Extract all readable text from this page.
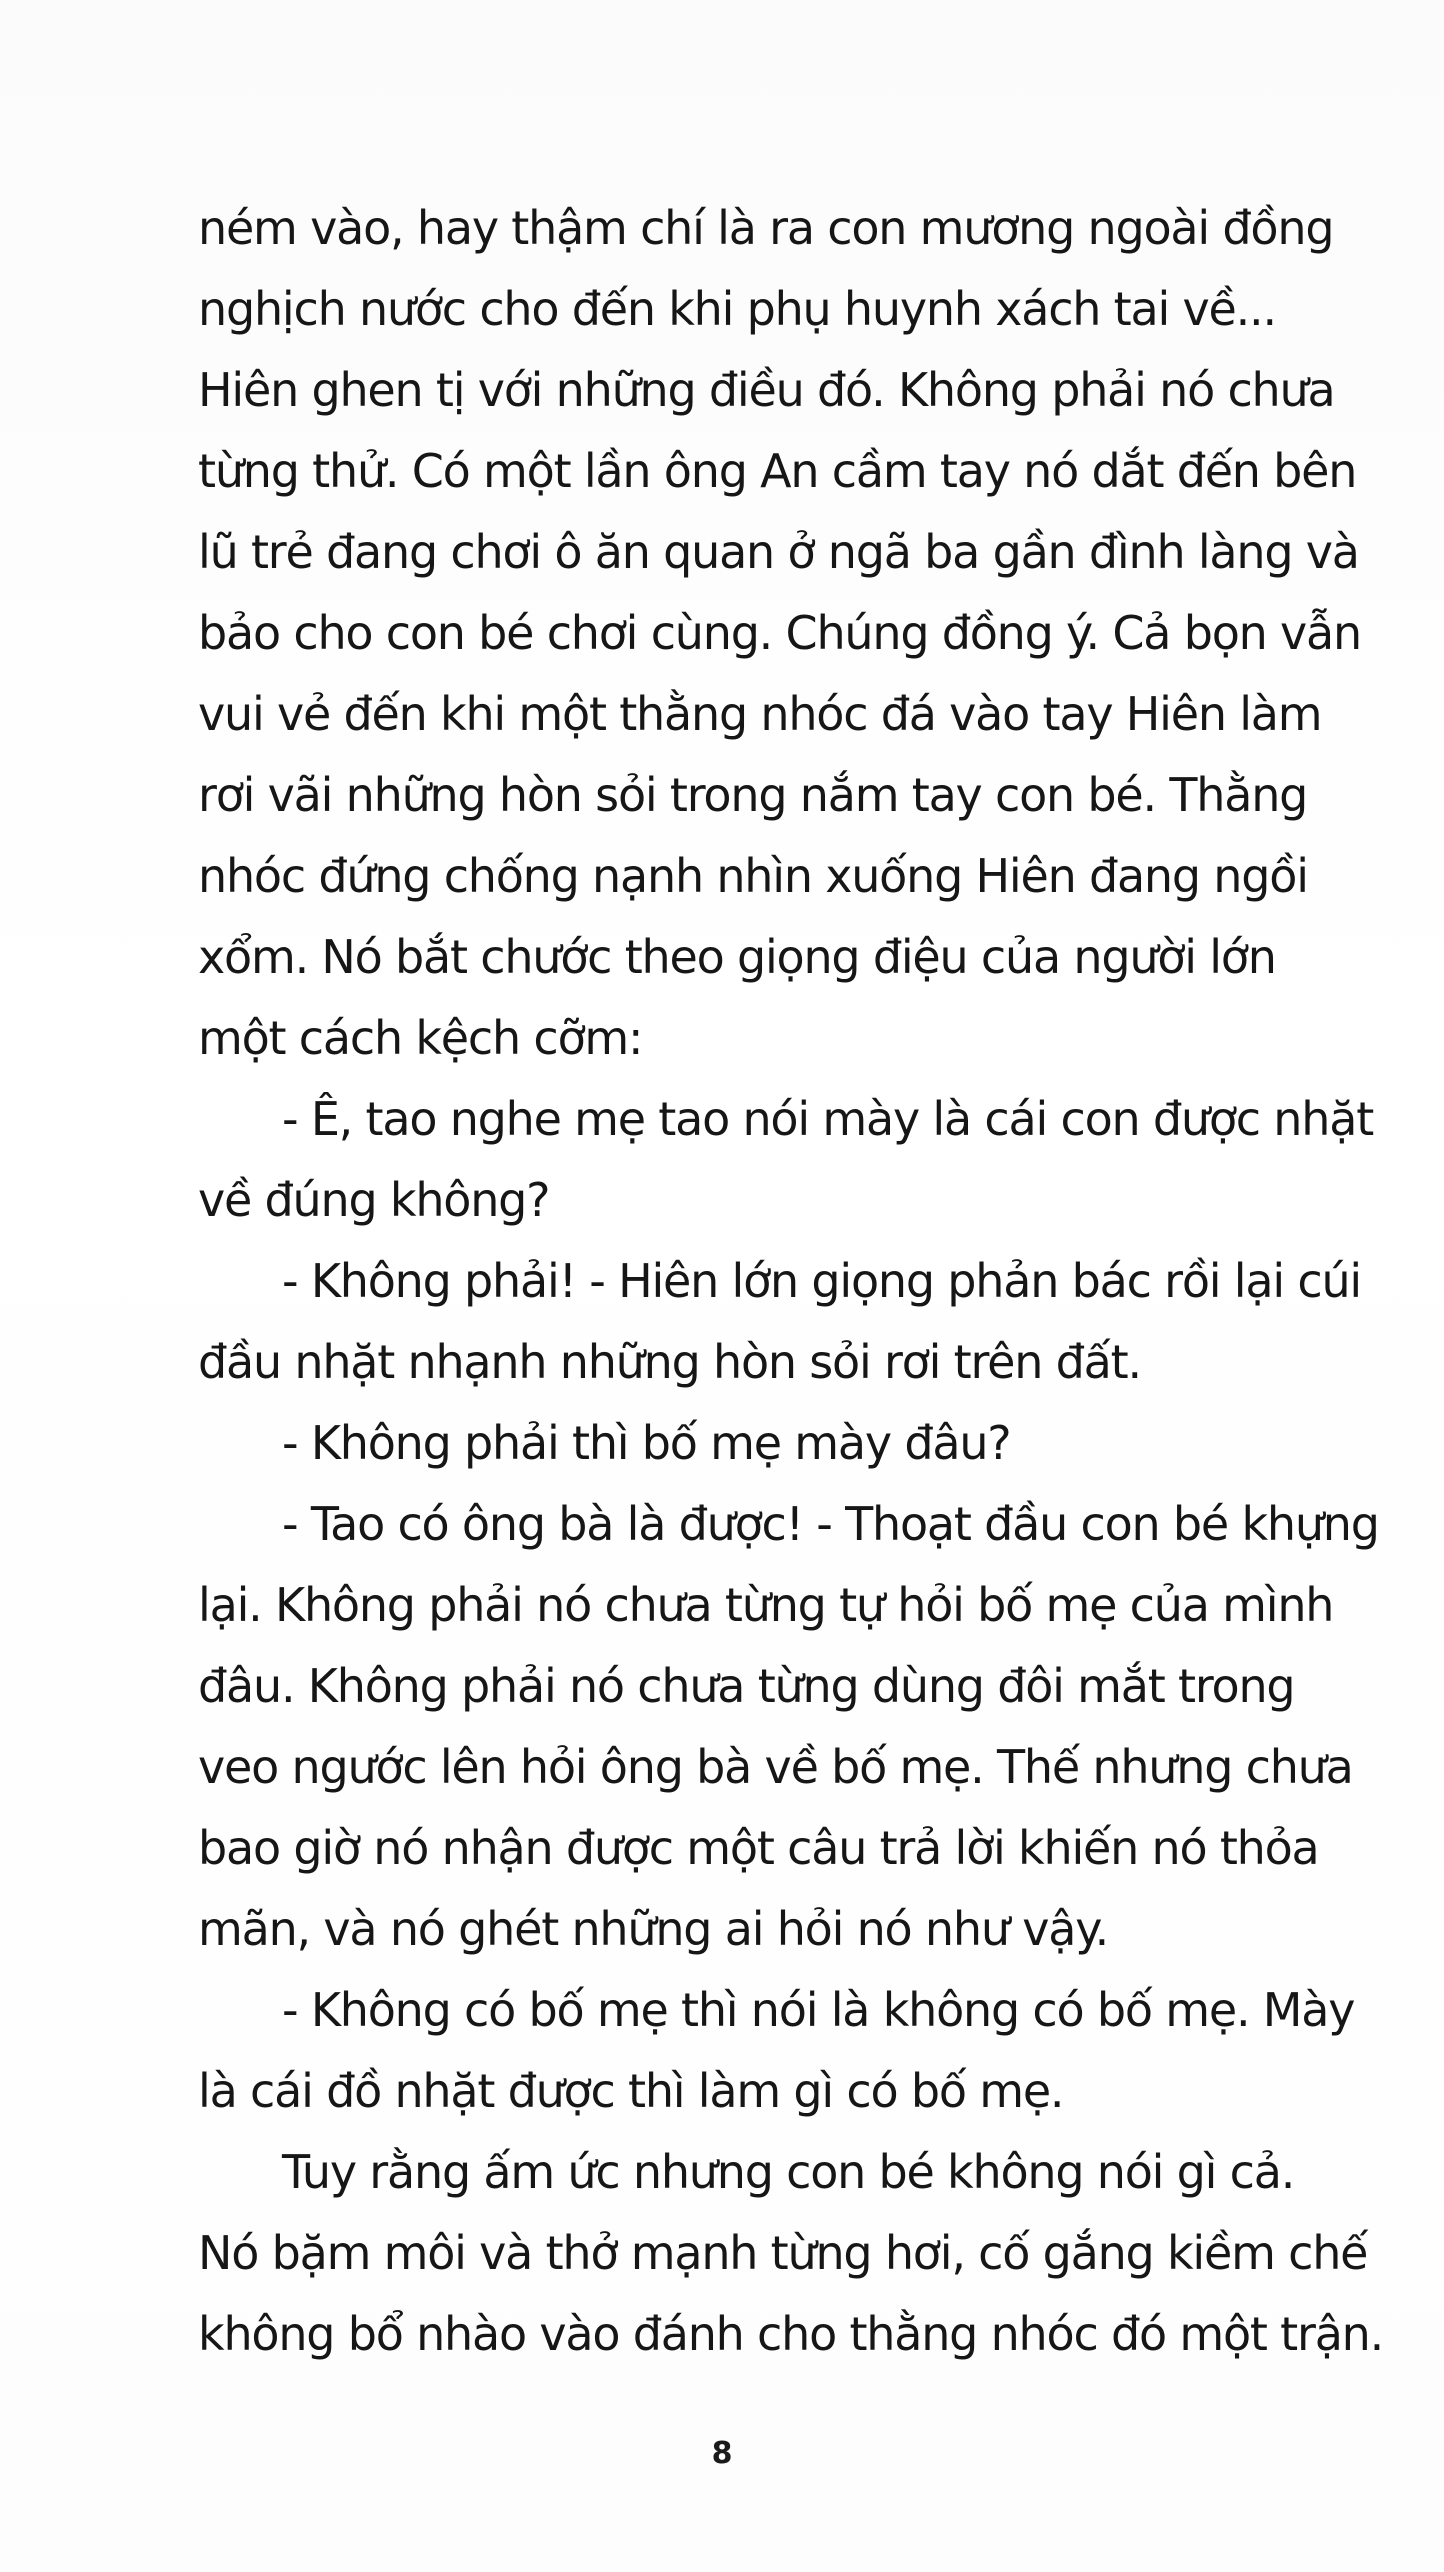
ném vào, hay thậm chí là ra con mương ngoài đồng
nghịch nước cho đến khi phụ huynh xách tai về...
Hiên ghen tị với những điều đó. Không phải nó chưa
từng thử. Có một lần ông An cầm tay nó dắt đến bên
lũ trẻ đang chơi ô ăn quan ở ngã ba gần đình làng và
bảo cho con bé chơi cùng. Chúng đồng ý. Cả bọn vẫn
vui vẻ đến khi một thằng nhóc đá vào tay Hiên làm
rơi vãi những hòn sỏi trong nắm tay con bé. Thằng
nhóc đứng chống nạnh nhìn xuống Hiên đang ngồi
xổm. Nó bắt chước theo giọng điệu của người lớn
một cách kệch cỡm:
- Ê, tao nghe mẹ tao nói mày là cái con được nhặt
về đúng không?
- Không phải! - Hiên lớn giọng phản bác rồi lại cúi
đầu nhặt nhạnh những hòn sỏi rơi trên đất.
- Không phải thì bố mẹ mày đâu?
- Tao có ông bà là được! - Thoạt đầu con bé khựng
lại. Không phải nó chưa từng tự hỏi bố mẹ của mình
đâu. Không phải nó chưa từng dùng đôi mắt trong
veo ngước lên hỏi ông bà về bố mẹ. Thế nhưng chưa
bao giờ nó nhận được một câu trả lời khiến nó thỏa
mãn, và nó ghét những ai hỏi nó như vậy.
- Không có bố mẹ thì nói là không có bố mẹ. Mày
là cái đồ nhặt được thì làm gì có bố mẹ.
Tuy rằng ấm ức nhưng con bé không nói gì cả.
Nó bặm môi và thở mạnh từng hơi, cố gắng kiềm chế
không bổ nhào vào đánh cho thằng nhóc đó một trận.
8
